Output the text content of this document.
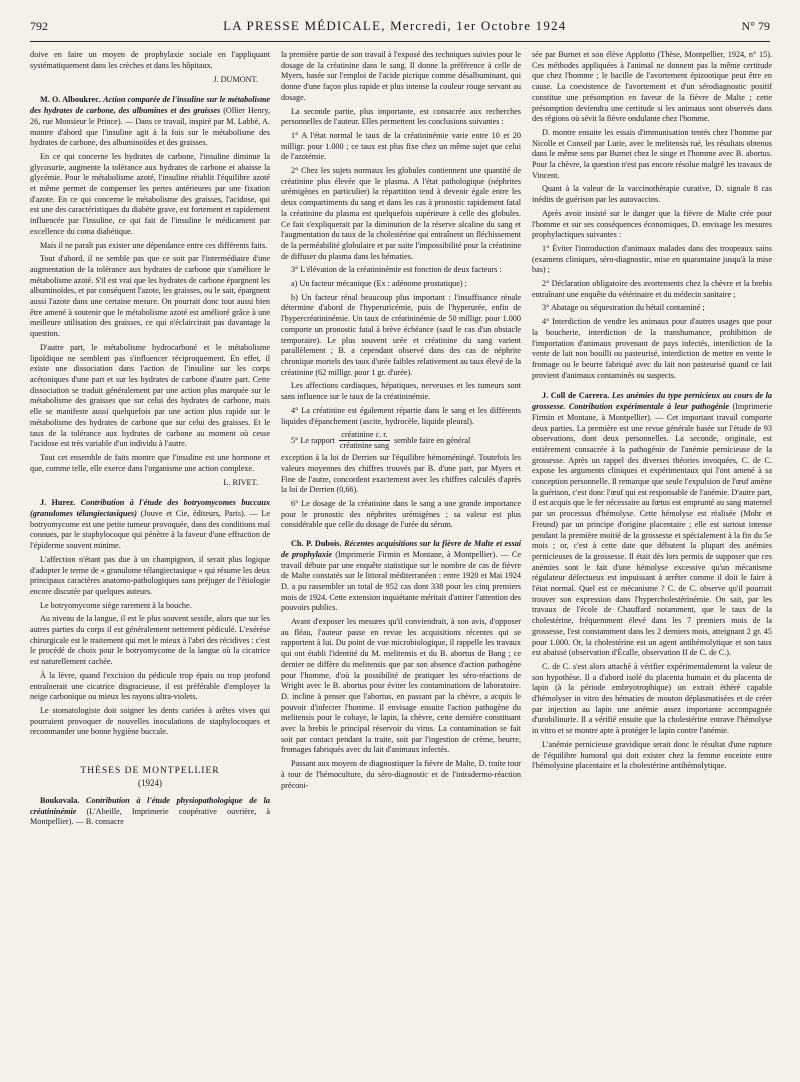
792	LA PRESSE MÉDICALE, Mercredi, 1er Octobre 1924	N° 79

doive en faire un moyen de prophylaxie sociale en l'appliquant systématiquement dans les crèches et dans les hôpitaux.

J. DUMONT.

M. O. Alboukrec. Action comparée de l'insuline sur le métabolisme des hydrates de carbone, des albumines et des graisses (Ollier Henry, 26, rue Monsieur le Prince). — Dans ce travail, inspiré par M. Labbé, A. montre d'abord que l'insuline agit à la fois sur le métabolisme des hydrates de carbone, des albuminoïdes et des graisses.

En ce qui concerne les hydrates de carbone, l'insuline diminue la glycosurie, augmente la tolérance aux hydrates de carbone et abaisse la glycémie. Pour le métabolisme azoté, l'insuline rétablit l'équilibre azoté et même permet de compenser les pertes antérieures par une fixation d'azote. En ce qui concerne le métabolisme des graisses, l'acidose, qui est une des caractéristiques du diabète grave, est fortement et rapidement influencée par l'insuline, ce qui fait de l'insuline le médicament par excellence du coma diabétique.

Mais il ne paraît pas exister une dépendance entre ces différents faits.

Tout d'abord, il ne semble pas que ce soit par l'intermédiaire d'une augmentation de la tolérance aux hydrates de carbone que s'améliore le métabolisme azoté. S'il est vrai que les hydrates de carbone épargnent les albuminoïdes, et par conséquent l'azote, les graisses, ou le sait, épargnent aussi l'azote dans une certaine mesure. On pourrait donc tout aussi bien être amené à soutenir que le métabolisme azoté est amélioré grâce à une meilleure utilisation des graisses, ce qui n'éclaircirait pas davantage la question.

D'autre part, le métabolisme hydrocarboné et le métabolisme lipoïdique ne semblent pas s'influencer réciproquement. En effet, il existe une dissociation dans l'action de l'insuline sur les corps acétoniques d'une part et sur les hydrates de carbone d'autre part. Cette dissociation se traduit généralement par une action plus marquée sur le métabolisme des graisses que sur celui des hydrates de carbone, mais elle se manifeste aussi quelquefois par une action plus rapide sur le métabolisme des hydrates de carbone que sur celui des graisses. Et le taux de la tolérance aux hydrates de carbone au moment où cesse l'acidose est très variable d'un individu à l'autre.

Tout cet ensemble de faits montre que l'insuline est une hormone et que, comme telle, elle exerce dans l'organisme une action complexe.

L. RIVET.

J. Hurez. Contribution à l'étude des botryomycomes buccaux (granulomes télangiectasiques) (Jouve et Cie, éditeurs, Paris). — Le botryomycome est une petite tumeur provoquée, dans des conditions mal connues, par le staphylocoque qui pénètre à la faveur d'une effraction de l'épiderme souvent minime.

L'affection n'étant pas due à un champignon, il serait plus logique d'adopter le terme de « granulome télangiectasique » qui résume les deux principaux caractères anatomo-pathologiques sans préjuger de l'étiologie encore discutée par quelques auteurs.

Le botryomycome siège rarement à la bouche.

Au niveau de la langue, il est le plus souvent sessile, alors que sur les autres parties du corps il est généralement nettement pédiculé. L'exérèse chirurgicale est le traitement qui met le mieux à l'abri des récidives : c'est le procédé de choix pour le botryomycome de la langue où la cicatrice est naturellement cachée.

À la lèvre, quand l'excision du pédicule trop épais ou trop profond entraînerait une cicatrice disgracieuse, il est préférable d'employer la neige carbonique ou mieux les rayons ultra-violets.

Le stomatologiste doit soigner les dents cariées à arêtes vives qui pourraient provoquer de nouvelles inoculations de staphylocoques et recommander une bonne hygiène buccale.

THÈSES DE MONTPELLIER
(1924)

Boukovala. Contribution à l'étude physiopathologique de la créatininémie (L'Abeille, Imprimerie coopérative ouvrière, à Montpellier). — B. consacre

la première partie de son travail à l'exposé des techniques suivies pour le dosage de la créatinine dans le sang. Il donne la préférence à celle de Myers, basée sur l'emploi de l'acide picrique comme désalbuminant, qui donne d'une façon plus rapide et plus intense la couleur rouge servant au dosage.

La seconde partie, plus importante, est consacrée aux recherches personnelles de l'auteur. Elles permettent les conclusions suivantes :

1° A l'état normal le taux de la créatininémie varie entre 10 et 20 milligr. pour 1.000 ; ce taux est plus fixe chez un même sujet que celui de l'azotémie.

2° Chez les sujets normaux les globules contiennent une quantité de créatinine plus élevée que le plasma. A l'état pathologique (néphrites urémigènes en particulier) la répartition tend à devenir égale entre les deux compartiments du sang et dans les cas à pronostic rapidement fatal la créatinine du plasma est quelquefois supérieure à celle des globules. Ce fait s'expliquerait par la diminution de la réserve alcaline du sang et l'augmentation du taux de la cholestérine qui entraînent un fléchissement de la perméabilité globulaire et par suite l'impossibilité pour la créatinine de diffuser du plasma dans les hématies.

3° L'élévation de la créatininémie est fonction de deux facteurs :

a) Un facteur mécanique (Ex : adénome prostatique) ;

b) Un facteur rénal beaucoup plus important : l'insuffisance rénale détermine d'abord de l'hyperuricémie, puis de l'hyperurée, enfin de l'hypercréatininémie. Un taux de créatininémie de 50 milligr. pour 1.000 comporte un pronostic fatal à brève échéance (sauf le cas d'un obstacle temporaire). Le plus souvent urée et créatinine du sang varient parallèlement ; B. a cependant observé dans des cas de néphrite chronique mortels des taux d'urée faibles relativement au taux élevé de la créatinine (62 milligr. pour 1 gr. d'urée).

Les affections cardiaques, hépatiques, nerveuses et les tumeurs sont sans influence sur le taux de la créatininémie.

4° La créatinine est également répartie dans le sang et les différents liquides d'épanchement (ascite, hydrocèle, liquide pleural).

5° Le rapport $\frac{\text{créatinine c. r.}}{\text{créatinine sang}}$ semble faire en général

exception à la loi de Derrien sur l'équilibre hémoméningé. Toutefois les valeurs moyennes des chiffres trouvés par B. d'une part, par Myers et Fine de l'autre, concordent exactement avec les chiffres calculés d'après la loi de Derrien (0,66).

6° Le dosage de la créatinine dans le sang a une grande importance pour le pronostic des néphrites urémigènes ; sa valeur est plus considérable que celle du dosage de l'urée du sérum.

Ch. P. Dubois. Récentes acquisitions sur la fièvre de Malte et essai de prophylaxie (Imprimerie Firmin et Montane, à Montpellier). — Ce travail débute par une enquête statistique sur le nombre de cas de fièvre de Malte constatés sur le littoral méditerranéen : entre 1920 et Mai 1924 D. a pu rassembler un total de 952 cas dont 338 pour les cinq premiers mois de 1924. Cette extension inquiétante méritait d'attirer l'attention des pouvoirs publics.

Avant d'exposer les mesures qu'il conviendrait, à son avis, d'opposer au fléau, l'auteur passe en revue les acquisitions récentes qui se rapportent à lui. Du point de vue microbiologique, il rappelle les travaux qui ont établi l'identité du M. melitensis et du B. abortus de Bang ; ce dernier ne diffère du melitensis que par son absence d'action pathogène pour l'homme, d'où la possibilité de pratiquer les séro-réactions de Wright avec le B. abortus pour éviter les contaminations de laboratoire. D. incline à penser que l'abortus, en passant par la chèvre, a acquis le pouvoir d'infecter l'homme. Il envisage ensuite l'action pathogène du melitensis pour le cobaye, le lapin, la chèvre, cette dernière constituant avec la brebis le principal réservoir du virus. La contamination se fait soit par contact pendant la traite, soit par l'ingestion de crème, beurre, fromages fabriqués avec du lait d'animaux infectés.

Passant aux moyens de diagnostiquer la fièvre de Malte, D. traite tour à tour de l'hémoculture, du séro-diagnostic et de l'intradermo-réaction préconi-

sée par Burnet et son élève Applotto (Thèse, Montpellier, 1924, n° 15). Ces méthodes appliquées à l'animal ne donnent pas la même certitude que chez l'homme ; le bacille de l'avortement épizootique peut être en cause. La coexistence de l'avortement et d'un sérodiagnostic positif constitue une présomption en faveur de la fièvre de Malte ; cette présomption deviendra une certitude si les animaux sont observés dans des régions où sévit la fièvre ondulante chez l'homme.

D. montre ensuite les essais d'immunisation tentés chez l'homme par Nicolle et Conseil par Lurie, avec le melitensis tué, les résultats obtenus dans le même sens par Burnet chez le singe et l'homme avec B. abortus. Pour la chèvre, la question n'est pas encore résolue malgré les travaux de Vincent.

Quant à la valeur de la vaccinothérapie curative, D. signale 8 cas inédits de guérison par les autovaccins.

Après avoir insisté sur le danger que la fièvre de Malte crée pour l'homme et sur ses conséquences économiques, D. envisage les mesures prophylactiques suivantes :

1° Éviter l'introduction d'animaux malades dans des troupeaux sains (examens cliniques, séro-diagnostic, mise en quarantaine jusqu'à la mise bas) ;

2° Déclaration obligatoire des avortements chez la chèvre et la brebis entraînant une enquête du vétérinaire et du médecin sanitaire ;

3° Abatage ou séquestration du bétail contaminé ;

4° Interdiction de vendre les animaux pour d'autres usages que pour la boucherie, interdiction de la transhumance, prohibition de l'importation d'animaux provenant de pays infectés, interdiction de la vente de lait non bouilli ou pasteurisé, interdiction de mettre en vente le fromage ou le beurre fabriqué avec du lait non pasteurisé quand ce lait provient d'animaux contaminés ou suspects.

J. Coll de Carrera. Les anémies du type pernicieux au cours de la grossesse. Contribution expérimentale à leur pathogénie (Imprimerie Firmin et Montane, à Montpellier). — Cet important travail comporte deux parties. La première est une revue générale basée sur l'étude de 93 observations, dont deux personnelles. La seconde, originale, est entièrement consacrée à la pathogénie de l'anémie pernicieuse de la grossesse. Après un rappel des diverses théories invoquées, C. de C. expose les arguments cliniques et expérimentaux qui l'ont amené à sa conception personnelle. Il remarque que seule l'expulsion de l'œuf amène la guérison, c'est donc l'œuf qui est responsable de l'anémie. D'autre part, il est acquis que le fer nécessaire au fœtus est emprunté au sang maternel par un processus d'hémolyse. Cette hémolyse est réalisée (Mohr et Freund) par un principe d'origine placentaire ; elle est surtout intense pendant la première moitié de la grossesse et spécialement à la fin du 5e mois ; or, c'est à cette date que débutent la plupart des anémies pernicieuses de la grossesse. Il était dès lors permis de supposer que ces anémies sont le fait d'une hémolyse excessive qu'un mécanisme régulateur défectueux est impuissant à arrêter comme il doit le faire à l'état normal. Quel est ce mécanisme ? C. de C. observe qu'il pourrait trouver son expression dans l'hypercholestérinémie. On sait, par les travaux de l'école de Chauffard notamment, que le taux de la cholestérine, fréquemment élevé dans les 7 premiers mois de la grossesse, l'est constamment dans les 2 derniers mois, atteignant 2 gr. 45 pour 1.000. Or, la cholestérine est un agent antihémolytique et son taux est abaissé (observation d'Écalle, observation II de C. de C.).

C. de C. s'est alors attaché à vérifier expérimentalement la valeur de son hypothèse. Il a d'abord isolé du placenta humain et du placenta de lapin (à la période embryotrophique) un extrait éthéré capable d'hémolyser in vitro des hématies de mouton déplasmatisées et de créer par injection au lapin une anémie assez importante accompagnée d'urobilinurie. Il a vérifié ensuite que la cholestérine entrave l'hémolyse in vitro et se montre apte à protéger le lapin contre l'anémie.

L'anémie pernicieuse gravidique serait donc le résultat d'une rupture de l'équilibre humoral qui doit exister chez la femme enceinte entre l'hémolysine placentaire et la cholestérine antihémolytique.
